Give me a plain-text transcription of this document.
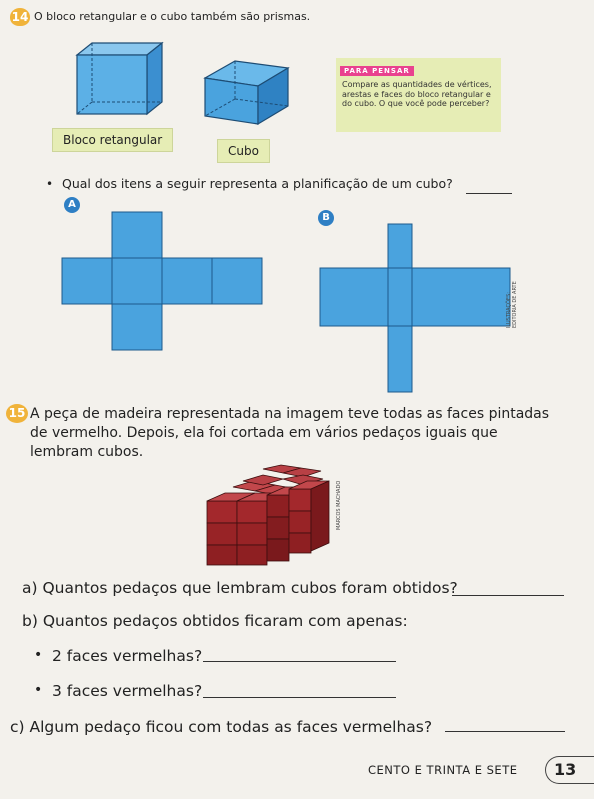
14 O bloco retangular e o cubo também são prismas.
Bloco retangular
Cubo
PARA PENSAR
Compare as quantidades de vértices, arestas e faces do bloco retangular e do cubo. O que você pode perceber?
• Qual dos itens a seguir representa a planificação de um cubo?
A
B
ILUSTRAÇÕES: EDITORIA DE ARTE
15 A peça de madeira representada na imagem teve todas as faces pintadas de vermelho. Depois, ela foi cortada em vários pedaços iguais que lembram cubos.
MARCOS MACHADO
a) Quantos pedaços que lembram cubos foram obtidos?
b) Quantos pedaços obtidos ficaram com apenas:
• 2 faces vermelhas?
• 3 faces vermelhas?
c) Algum pedaço ficou com todas as faces vermelhas?
CENTO E TRINTA E SETE	13
